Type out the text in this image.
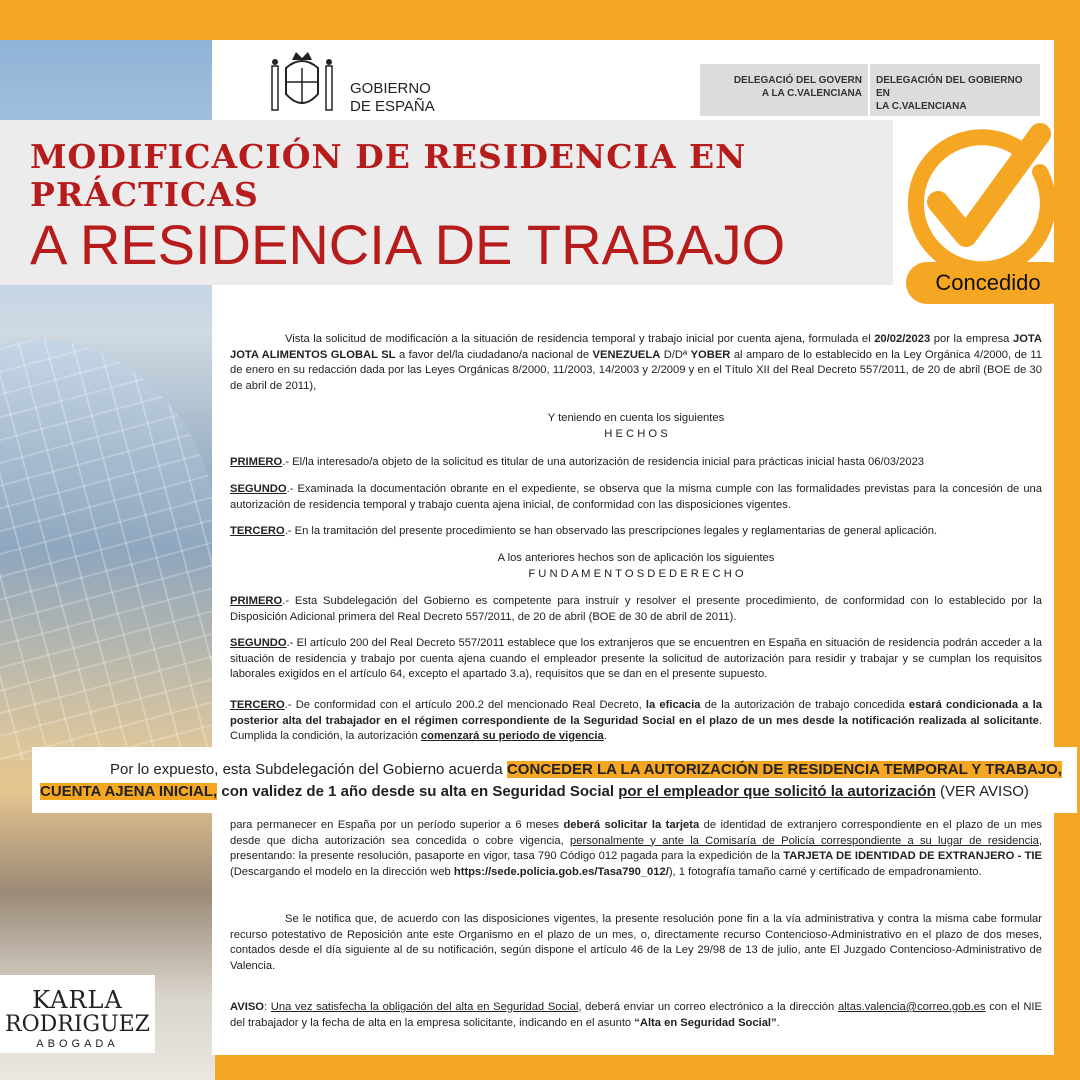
GOBIERNO
DE ESPAÑA
DELEGACIÓ DEL GOVERN
A LA C.VALENCIANA
DELEGACIÓN DEL GOBIERNO EN
LA C.VALENCIANA
MODIFICACIÓN DE RESIDENCIA EN PRÁCTICAS
A RESIDENCIA DE TRABAJO
Concedido

Vista la solicitud de modificación a la situación de residencia temporal y trabajo inicial por cuenta ajena, formulada el 20/02/2023 por la empresa JOTA JOTA ALIMENTOS GLOBAL SL a favor del/la ciudadano/a nacional de VENEZUELA D/Dª YOBER al amparo de lo establecido en la Ley Orgánica 4/2000, de 11 de enero en su redacción dada por las Leyes Orgánicas 8/2000, 11/2003, 14/2003 y 2/2009 y en el Título XII del Real Decreto 557/2011, de 20 de abril (BOE de 30 de abril de 2011),

Y teniendo en cuenta los siguientes

H E C H O S

PRIMERO.- El/la interesado/a objeto de la solicitud es titular de una autorización de residencia inicial para prácticas inicial hasta 06/03/2023

SEGUNDO.- Examinada la documentación obrante en el expediente, se observa que la misma cumple con las formalidades previstas para la concesión de una autorización de residencia temporal y trabajo cuenta ajena inicial, de conformidad con las disposiciones vigentes.

TERCERO.- En la tramitación del presente procedimiento se han observado las prescripciones legales y reglamentarias de general aplicación.

A los anteriores hechos son de aplicación los siguientes

F U N D A M E N T O S D E D E R E C H O

PRIMERO.- Esta Subdelegación del Gobierno es competente para instruir y resolver el presente procedimiento, de conformidad con lo establecido por la Disposición Adicional primera del Real Decreto 557/2011, de 20 de abril (BOE de 30 de abril de 2011).

SEGUNDO.- El artículo 200 del Real Decreto 557/2011 establece que los extranjeros que se encuentren en España en situación de residencia podrán acceder a la situación de residencia y trabajo por cuenta ajena cuando el empleador presente la solicitud de autorización para residir y trabajar y se cumplan los requisitos laborales exigidos en el artículo 64, excepto el apartado 3.a), requisitos que se dan en el presente supuesto.

TERCERO.- De conformidad con el artículo 200.2 del mencionado Real Decreto, la eficacia de la autorización de trabajo concedida estará condicionada a la posterior alta del trabajador en el régimen correspondiente de la Seguridad Social en el plazo de un mes desde la notificación realizada al solicitante. Cumplida la condición, la autorización comenzará su periodo de vigencia.

Por lo expuesto, esta Subdelegación del Gobierno acuerda CONCEDER LA LA AUTORIZACIÓN DE RESIDENCIA TEMPORAL Y TRABAJO,
CUENTA AJENA INICIAL, con validez de 1 año desde su alta en Seguridad Social por el empleador que solicitó la autorización (VER AVISO)

para permanecer en España por un período superior a 6 meses deberá solicitar la tarjeta de identidad de extranjero correspondiente en el plazo de un mes desde que dicha autorización sea concedida o cobre vigencia, personalmente y ante la Comisaría de Policía correspondiente a su lugar de residencia, presentando: la presente resolución, pasaporte en vigor, tasa 790 Código 012 pagada para la expedición de la TARJETA DE IDENTIDAD DE EXTRANJERO - TIE (Descargando el modelo en la dirección web https://sede.policia.gob.es/Tasa790_012/), 1 fotografía tamaño carné y certificado de empadronamiento.

Se le notifica que, de acuerdo con las disposiciones vigentes, la presente resolución pone fin a la vía administrativa y contra la misma cabe formular recurso potestativo de Reposición ante este Organismo en el plazo de un mes, o, directamente recurso Contencioso-Administrativo en el plazo de dos meses, contados desde el día siguiente al de su notificación, según dispone el artículo 46 de la Ley 29/98 de 13 de julio, ante El Juzgado Contencioso-Administrativo de Valencia.

AVISO: Una vez satisfecha la obligación del alta en Seguridad Social, deberá enviar un correo electrónico a la dirección altas.valencia@correo.gob.es con el NIE del trabajador y la fecha de alta en la empresa solicitante, indicando en el asunto “Alta en Seguridad Social”.

KARLA
RODRIGUEZ
ABOGADA
